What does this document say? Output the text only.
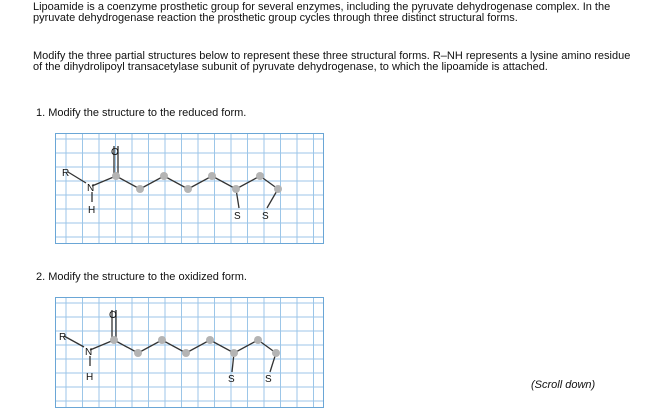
Lipoamide is a coenzyme prosthetic group for several enzymes, including the pyruvate dehydrogenase complex. In the pyruvate dehydrogenase reaction the prosthetic group cycles through three distinct structural forms.

Modify the three partial structures below to represent these three structural forms. R–NH represents a lysine amino residue of the dihydrolipoyl transacetylase subunit of pyruvate dehydrogenase, to which the lipoamide is attached.

1. Modify the structure to the reduced form.

R
N
H
O
S S

2. Modify the structure to the oxidized form.

R
N
H
O
S	S	(Scroll down)
